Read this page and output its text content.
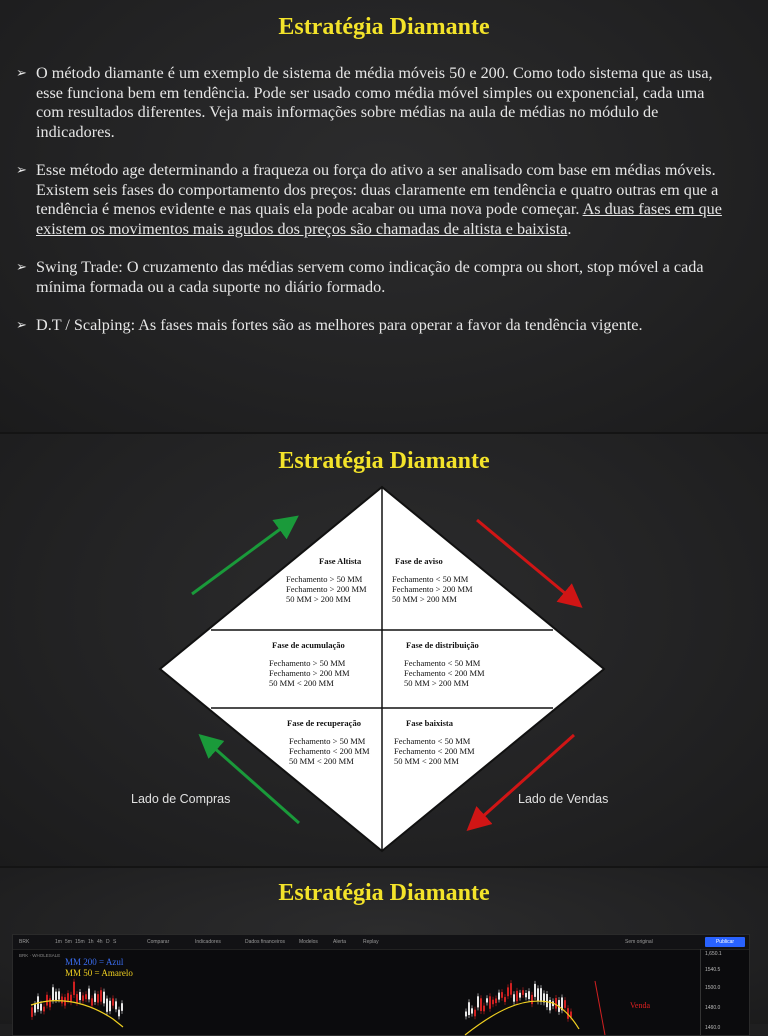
Estratégia Diamante
➢ O método diamante é um exemplo de sistema de média móveis 50 e 200. Como todo sistema que as usa, esse funciona bem em tendência. Pode ser usado como média móvel simples ou exponencial, cada uma com resultados diferentes. Veja mais informações sobre médias na aula de médias no módulo de indicadores.
➢ Esse método age determinando a fraqueza ou força do ativo a ser analisado com base em médias móveis. Existem seis fases do comportamento dos preços: duas claramente em tendência e quatro outras em que a tendência é menos evidente e nas quais ela pode acabar ou uma nova pode começar. As duas fases em que existem os movimentos mais agudos dos preços são chamadas de altista e baixista.
➢ Swing Trade: O cruzamento das médias servem como indicação de compra ou short, stop móvel a cada mínima formada ou a cada suporte no diário formado.
➢ D.T / Scalping: As fases mais fortes são as melhores para operar a favor da tendência vigente.
Estratégia Diamante
Fase Altista
Fechamento > 50 MM
Fechamento > 200 MM
50 MM > 200 MM
Fase de aviso
Fechamento < 50 MM
Fechamento > 200 MM
50 MM > 200 MM
Fase de acumulação
Fechamento > 50 MM
Fechamento > 200 MM
50 MM < 200 MM
Fase de distribuição
Fechamento < 50 MM
Fechamento < 200 MM
50 MM > 200 MM
Fase de recuperação
Fechamento > 50 MM
Fechamento < 200 MM
50 MM < 200 MM
Fase baixista
Fechamento < 50 MM
Fechamento < 200 MM
50 MM < 200 MM
Lado de Compras	Lado de Vendas
Estratégia Diamante
BRK	1m 5m 15m 1h 4h D S	Comparar	Indicadores	Dados financeiros	Modelos	Alerta	Replay	Sem original	Publicar
BRK · WHOLESALE
MM 200 = Azul
MM 50 = Amarelo
Venda
1,650.1
1540.5
1500.0
1480.0
1460.0
